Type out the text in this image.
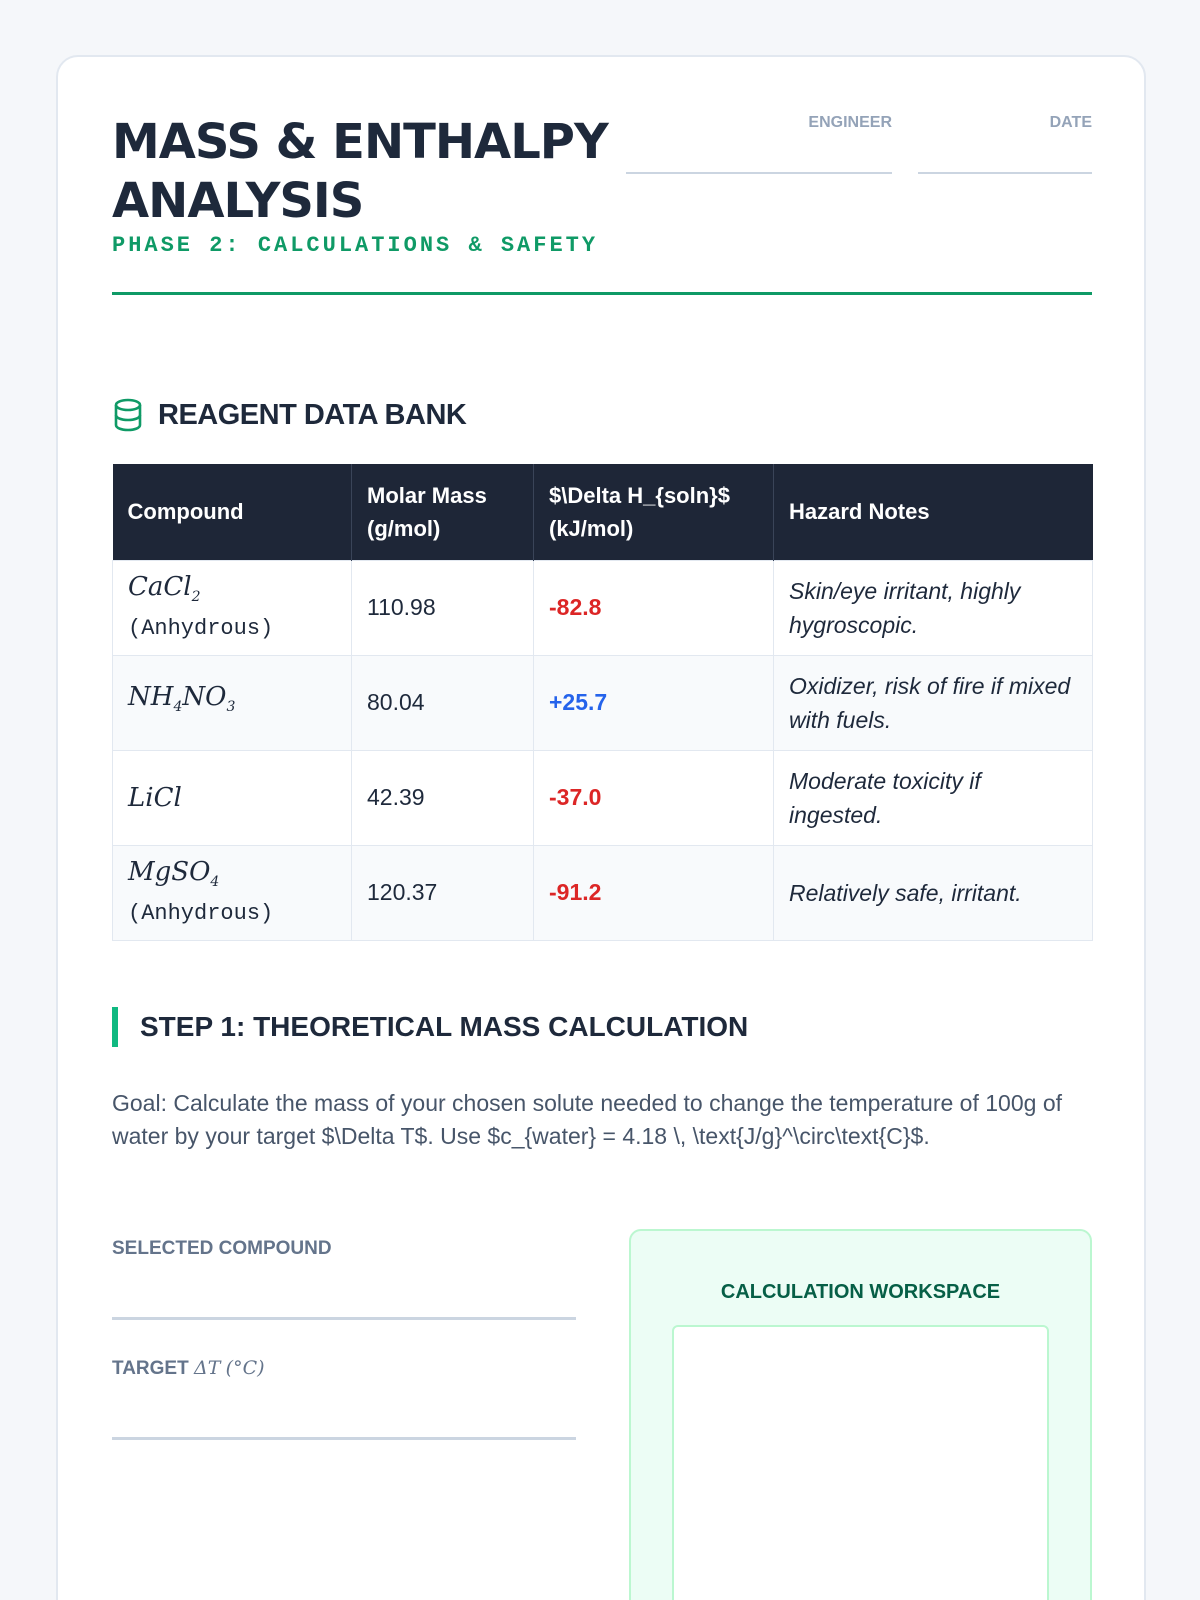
MASS & ENTHALPY ANALYSIS
PHASE 2: CALCULATIONS & SAFETY
ENGINEER	DATE
REAGENT DATA BANK
Compound	Molar Mass (g/mol)	$\Delta H_{soln}$ (kJ/mol)	Hazard Notes

CaCl$_2$
(Anhydrous)	110.98	-82.8	Skin/eye irritant, highly hygroscopic.

$NH_4NO_3$	80.04	+25.7	Oxidizer, risk of fire if mixed with fuels.

LiCl	42.39	-37.0	Moderate toxicity if ingested.

MgSO$_4$
(Anhydrous)	120.37	-91.2	Relatively safe, irritant.
STEP 1: THEORETICAL MASS CALCULATION

Goal: Calculate the mass of your chosen solute needed to change the temperature of 100g of water by your target $\Delta T$. Use $c_{water} = 4.18 \, \text{J/g}^\circ\text{C}$.

SELECTED COMPOUND
TARGET ΔT (°C)
CALCULATION WORKSPACE
